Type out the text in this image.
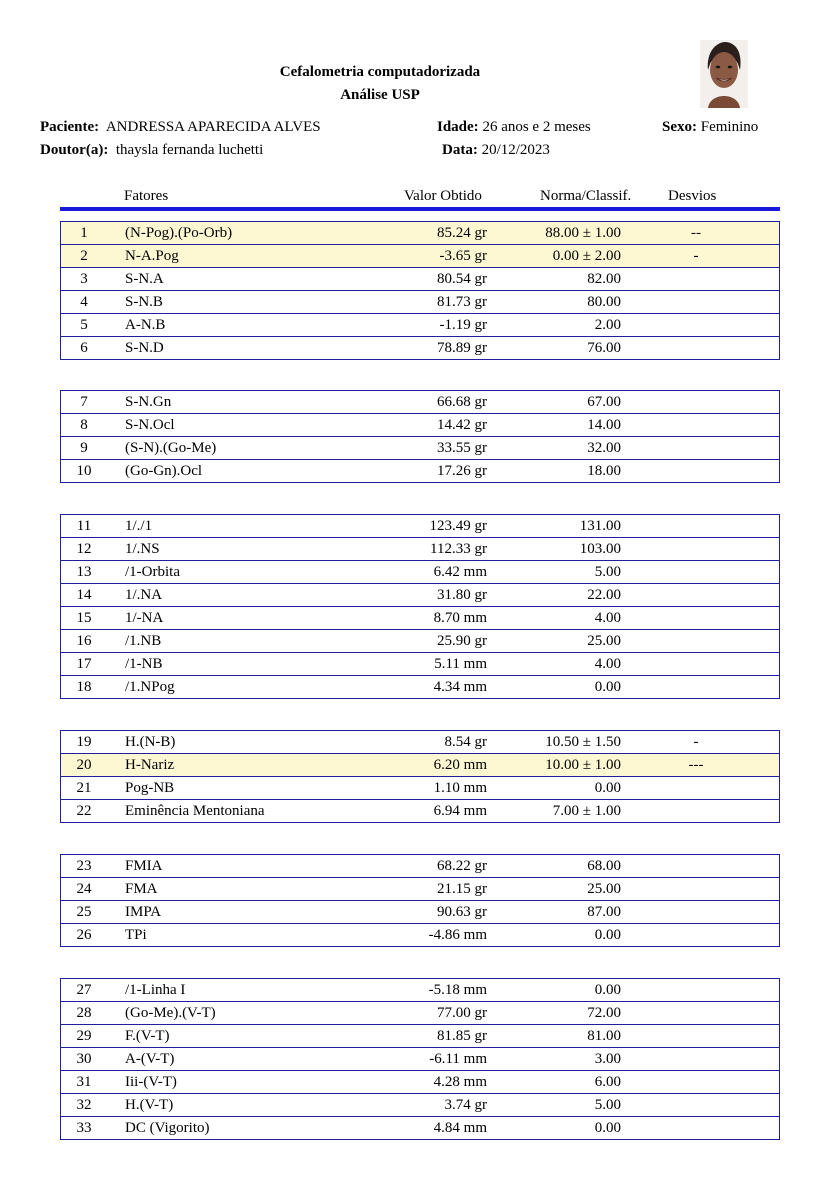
Cefalometria computadorizada
Análise USP
Paciente: ANDRESSA APARECIDA ALVES	Idade: 26 anos e 2 meses	Sexo: Feminino
Doutor(a): thaysla fernanda luchetti	Data: 20/12/2023
Fatores	Valor Obtido	Norma/Classif. Desvios
1	(N-Pog).(Po-Orb)	85.24 gr	88.00 ± 1.00	--
2	N-A.Pog	-3.65 gr	0.00 ± 2.00	-
3	S-N.A	80.54 gr	82.00
4	S-N.B	81.73 gr	80.00
5	A-N.B	-1.19 gr	2.00
6	S-N.D	78.89 gr	76.00
7	S-N.Gn	66.68 gr	67.00
8	S-N.Ocl	14.42 gr	14.00
9	(S-N).(Go-Me)	33.55 gr	32.00
10	(Go-Gn).Ocl	17.26 gr	18.00
11	1/./1	123.49 gr	131.00
12	1/.NS	112.33 gr	103.00
13	/1-Orbita	6.42 mm	5.00
14	1/.NA	31.80 gr	22.00
15	1/-NA	8.70 mm	4.00
16	/1.NB	25.90 gr	25.00
17	/1-NB	5.11 mm	4.00
18	/1.NPog	4.34 mm	0.00
19	H.(N-B)	8.54 gr	10.50 ± 1.50	-
20	H-Nariz	6.20 mm	10.00 ± 1.00	---
21	Pog-NB	1.10 mm	0.00
22	Eminência Mentoniana	6.94 mm	7.00 ± 1.00
23	FMIA	68.22 gr	68.00
24	FMA	21.15 gr	25.00
25	IMPA	90.63 gr	87.00
26	TPi	-4.86 mm	0.00
27	/1-Linha I	-5.18 mm	0.00
28	(Go-Me).(V-T)	77.00 gr	72.00
29	F.(V-T)	81.85 gr	81.00
30	A-(V-T)	-6.11 mm	3.00
31	Iii-(V-T)	4.28 mm	6.00
32	H.(V-T)	3.74 gr	5.00
33	DC (Vigorito)	4.84 mm	0.00
